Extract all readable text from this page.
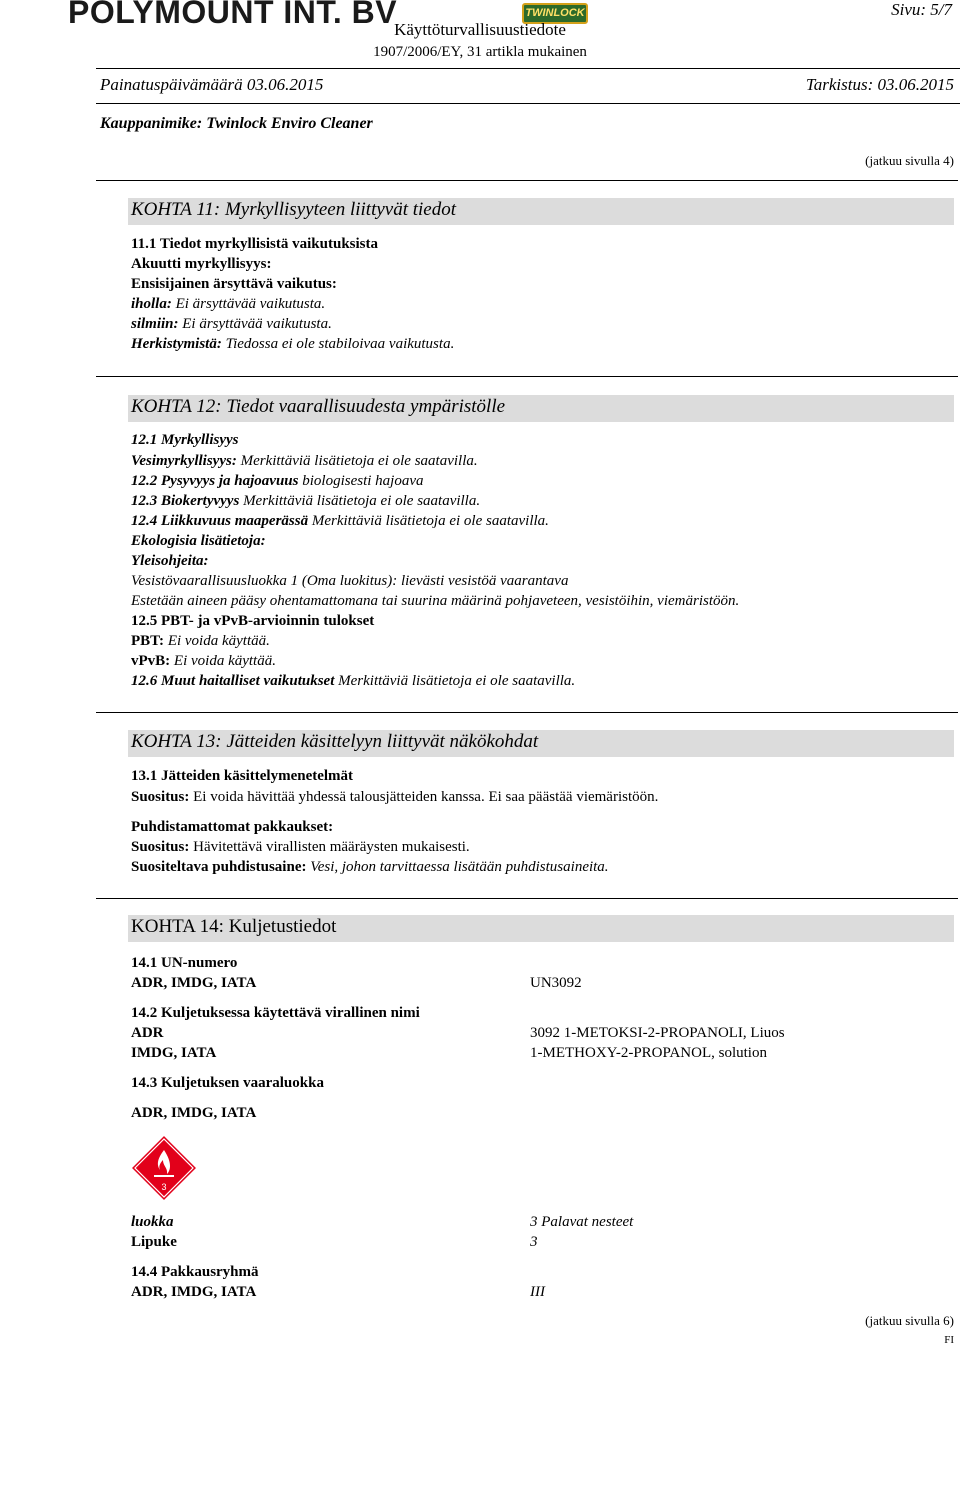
POLYMOUNT INT. BV	TWINLOCK
Käyttöturvallisuustiedote
1907/2006/EY, 31 artikla mukainen
Sivu: 5/7
Painatuspäivämäärä 03.06.2015	Tarkistus: 03.06.2015
Kauppanimike: Twinlock Enviro Cleaner
(jatkuu sivulla 4)
KOHTA 11: Myrkyllisyyteen liittyvät tiedot
11.1 Tiedot myrkyllisistä vaikutuksista
Akuutti myrkyllisyys:
Ensisijainen ärsyttävä vaikutus:
iholla: Ei ärsyttävää vaikutusta.
silmiin: Ei ärsyttävää vaikutusta.
Herkistymistä: Tiedossa ei ole stabiloivaa vaikutusta.
KOHTA 12: Tiedot vaarallisuudesta ympäristölle
12.1 Myrkyllisyys
Vesimyrkyllisyys: Merkittäviä lisätietoja ei ole saatavilla.
12.2 Pysyvyys ja hajoavuus biologisesti hajoava
12.3 Biokertyvyys Merkittäviä lisätietoja ei ole saatavilla.
12.4 Liikkuvuus maaperässä Merkittäviä lisätietoja ei ole saatavilla.
Ekologisia lisätietoja:
Yleisohjeita:
Vesistövaarallisuusluokka 1 (Oma luokitus): lievästi vesistöä vaarantava
Estetään aineen pääsy ohentamattomana tai suurina määrinä pohjaveteen, vesistöihin, viemäristöön.
12.5 PBT- ja vPvB-arvioinnin tulokset
PBT: Ei voida käyttää.
vPvB: Ei voida käyttää.
12.6 Muut haitalliset vaikutukset Merkittäviä lisätietoja ei ole saatavilla.
KOHTA 13: Jätteiden käsittelyyn liittyvät näkökohdat
13.1 Jätteiden käsittelymenetelmät
Suositus: Ei voida hävittää yhdessä talousjätteiden kanssa. Ei saa päästää viemäristöön.
Puhdistamattomat pakkaukset:
Suositus: Hävitettävä virallisten määräysten mukaisesti.
Suositeltava puhdistusaine: Vesi, johon tarvittaessa lisätään puhdistusaineita.
KOHTA 14: Kuljetustiedot
14.1 UN-numero
ADR, IMDG, IATA	UN3092
14.2 Kuljetuksessa käytettävä virallinen nimi
ADR	3092 1-METOKSI-2-PROPANOLI, Liuos
IMDG, IATA	1-METHOXY-2-PROPANOL, solution
14.3 Kuljetuksen vaaraluokka
ADR, IMDG, IATA
3
luokka	3 Palavat nesteet
Lipuke	3
14.4 Pakkausryhmä
ADR, IMDG, IATA	III
(jatkuu sivulla 6)
FI
